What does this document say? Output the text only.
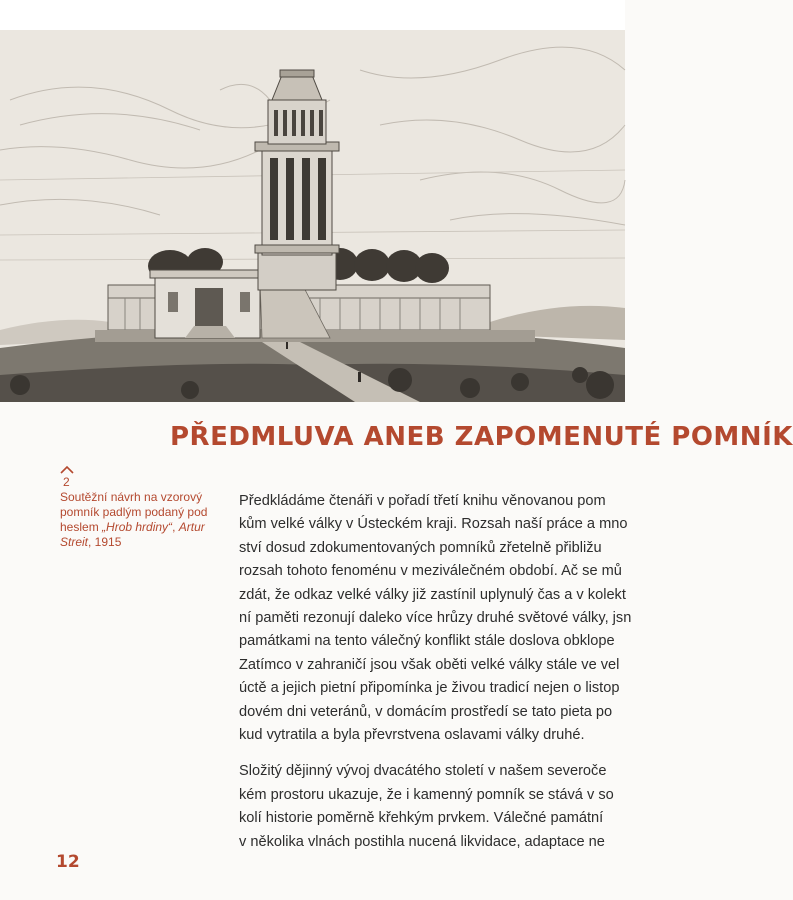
PŘEDMLUVA ANEB ZAPOMENUTÉ POMNÍK
2
Soutěžní návrh na vzorový pomník padlým podaný pod heslem „Hrob hrdiny“, Artur Streit, 1915
Předkládáme čtenáři v pořadí třetí knihu věnovanou pom
kům velké války v Ústeckém kraji. Rozsah naší práce a mno
ství dosud zdokumentovaných pomníků zřetelně přibližu
rozsah tohoto fenoménu v meziválečném období. Ač se mů
zdát, že odkaz velké války již zastínil uplynulý čas a v kolekt
ní paměti rezonují daleko více hrůzy druhé světové války, jsn
památkami na tento válečný konflikt stále doslova obklope
Zatímco v zahraničí jsou však oběti velké války stále ve vel
úctě a jejich pietní připomínka je živou tradicí nejen o listop
dovém dni veteránů, v domácím prostředí se tato pieta po
kud vytratila a byla převrstvena oslavami války druhé.
Složitý dějinný vývoj dvacátého století v našem severoče
kém prostoru ukazuje, že i kamenný pomník se stává v so
kolí historie poměrně křehkým prvkem. Válečné památní
v několika vlnách postihla nucená likvidace, adaptace ne
12
